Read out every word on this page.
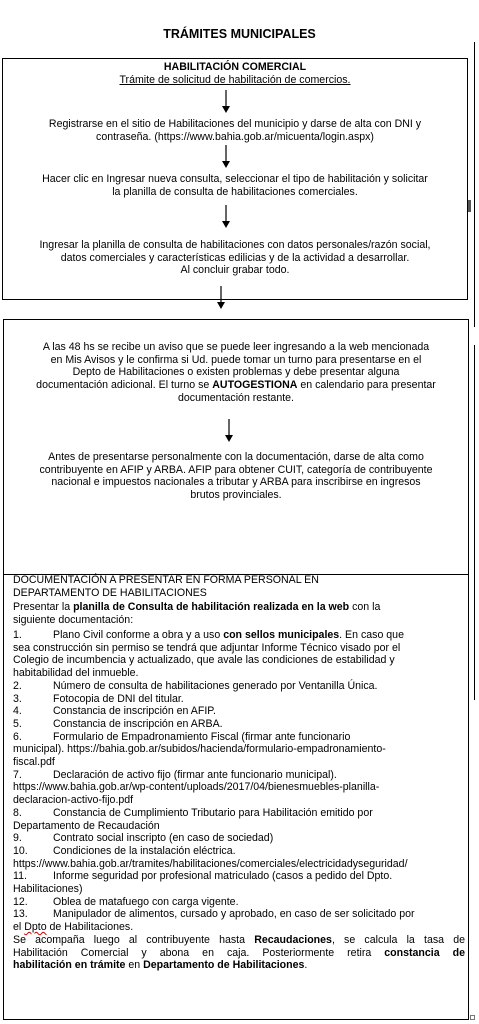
TRÁMITES MUNICIPALES
HABILITACIÓN COMERCIAL
Trámite de solicitud de habilitación de comercios.
Registrarse en el sitio de Habilitaciones del municipio y darse de alta con DNI y
contraseña. (https://www.bahia.gob.ar/micuenta/login.aspx)
Hacer clic en Ingresar nueva consulta, seleccionar el tipo de habilitación y solicitar
la planilla de consulta de habilitaciones comerciales.
Ingresar la planilla de consulta de habilitaciones con datos personales/razón social,
datos comerciales y características edilicias y de la actividad a desarrollar.
Al concluir grabar todo.
A las 48 hs se recibe un aviso que se puede leer ingresando a la web mencionada
en Mis Avisos y le confirma si Ud. puede tomar un turno para presentarse en el
Depto de Habilitaciones o existen problemas y debe presentar alguna
documentación adicional. El turno se AUTOGESTIONA en calendario para presentar
documentación restante.
Antes de presentarse personalmente con la documentación, darse de alta como
contribuyente en AFIP y ARBA. AFIP para obtener CUIT, categoría de contribuyente
nacional e impuestos nacionales a tributar y ARBA para inscribirse en ingresos
brutos provinciales.
DOCUMENTACIÓN A PRESENTAR EN FORMA PERSONAL EN
DEPARTAMENTO DE HABILITACIONES
Presentar la planilla de Consulta de habilitación realizada en la web con la
siguiente documentación:
1.	Plano Civil conforme a obra y a uso con sellos municipales. En caso que
sea construcción sin permiso se tendrá que adjuntar Informe Técnico visado por el
Colegio de incumbencia y actualizado, que avale las condiciones de estabilidad y
habitabilidad del inmueble.
2.	Número de consulta de habilitaciones generado por Ventanilla Única.
3.	Fotocopia de DNI del titular.
4.	Constancia de inscripción en AFIP.
5.	Constancia de inscripción en ARBA.
6.	Formulario de Empadronamiento Fiscal (firmar ante funcionario
municipal). https://bahia.gob.ar/subidos/hacienda/formulario-empadronamiento-
fiscal.pdf
7.	Declaración de activo fijo (firmar ante funcionario municipal).
https://www.bahia.gob.ar/wp-content/uploads/2017/04/bienesmuebles-planilla-
declaracion-activo-fijo.pdf
8.	Constancia de Cumplimiento Tributario para Habilitación emitido por
Departamento de Recaudación
9.	Contrato social inscripto (en caso de sociedad)
10.	Condiciones de la instalación eléctrica.
https://www.bahia.gob.ar/tramites/habilitaciones/comerciales/electricidadyseguridad/
11.	Informe seguridad por profesional matriculado (casos a pedido del Dpto.
Habilitaciones)
12.	Oblea de matafuego con carga vigente.
13.	Manipulador de alimentos, cursado y aprobado, en caso de ser solicitado por
el Dpto de Habilitaciones.
Se acompaña luego al contribuyente hasta Recaudaciones, se calcula la tasa de
Habilitación Comercial y abona en caja. Posteriormente retira constancia de
habilitación en trámite en Departamento de Habilitaciones.
